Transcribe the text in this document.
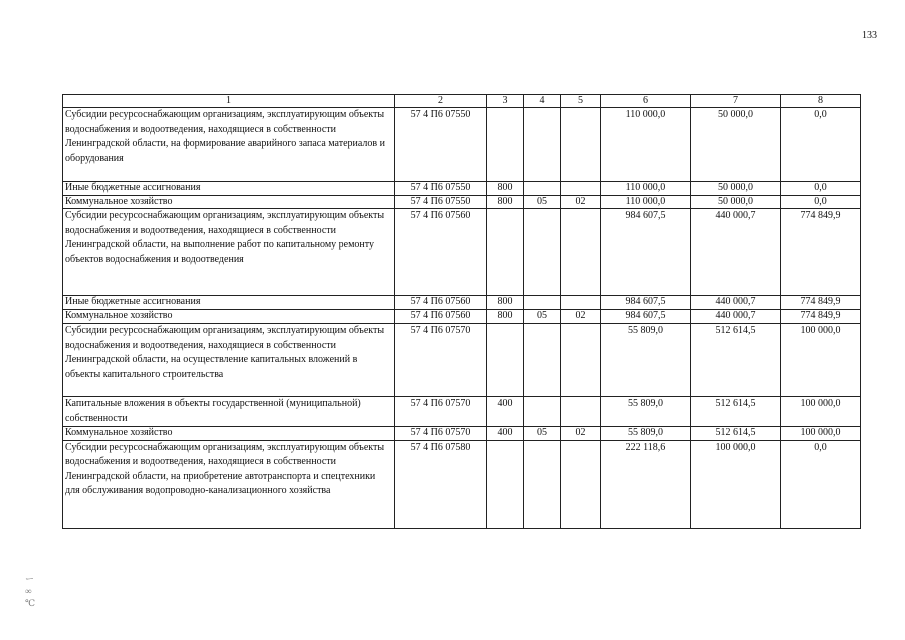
133
1	2	3	4	5	6	7	8
Субсидии ресурсоснабжающим организациям, эксплуатирующим объекты водоснабжения и водоотведения, находящиеся в собственности Ленинградской области, на формирование аварийного запаса материалов и оборудования	57 4 П6 07550				110 000,0	50 000,0	0,0
Иные бюджетные ассигнования	57 4 П6 07550	800			110 000,0	50 000,0	0,0
Коммунальное хозяйство	57 4 П6 07550	800	05	02	110 000,0	50 000,0	0,0
Субсидии ресурсоснабжающим организациям, эксплуатирующим объекты водоснабжения и водоотведения, находящиеся в собственности Ленинградской области, на выполнение работ по капитальному ремонту объектов водоснабжения и водоотведения	57 4 П6 07560				984 607,5	440 000,7	774 849,9
Иные бюджетные ассигнования	57 4 П6 07560	800			984 607,5	440 000,7	774 849,9
Коммунальное хозяйство	57 4 П6 07560	800	05	02	984 607,5	440 000,7	774 849,9
Субсидии ресурсоснабжающим организациям, эксплуатирующим объекты водоснабжения и водоотведения, находящиеся в собственности Ленинградской области, на осуществление капитальных вложений в объекты капитального строительства	57 4 П6 07570				55 809,0	512 614,5	100 000,0
Капитальные вложения в объекты государственной (муниципальной) собственности	57 4 П6 07570	400			55 809,0	512 614,5	100 000,0
Коммунальное хозяйство	57 4 П6 07570	400	05	02	55 809,0	512 614,5	100 000,0
Субсидии ресурсоснабжающим организациям, эксплуатирующим объекты водоснабжения и водоотведения, находящиеся в собственности Ленинградской области, на приобретение автотранспорта и спецтехники для обслуживания водопроводно-канализационного хозяйства	57 4 П6 07580				222 118,6	100 000,0	0,0
ー
∞
℃
